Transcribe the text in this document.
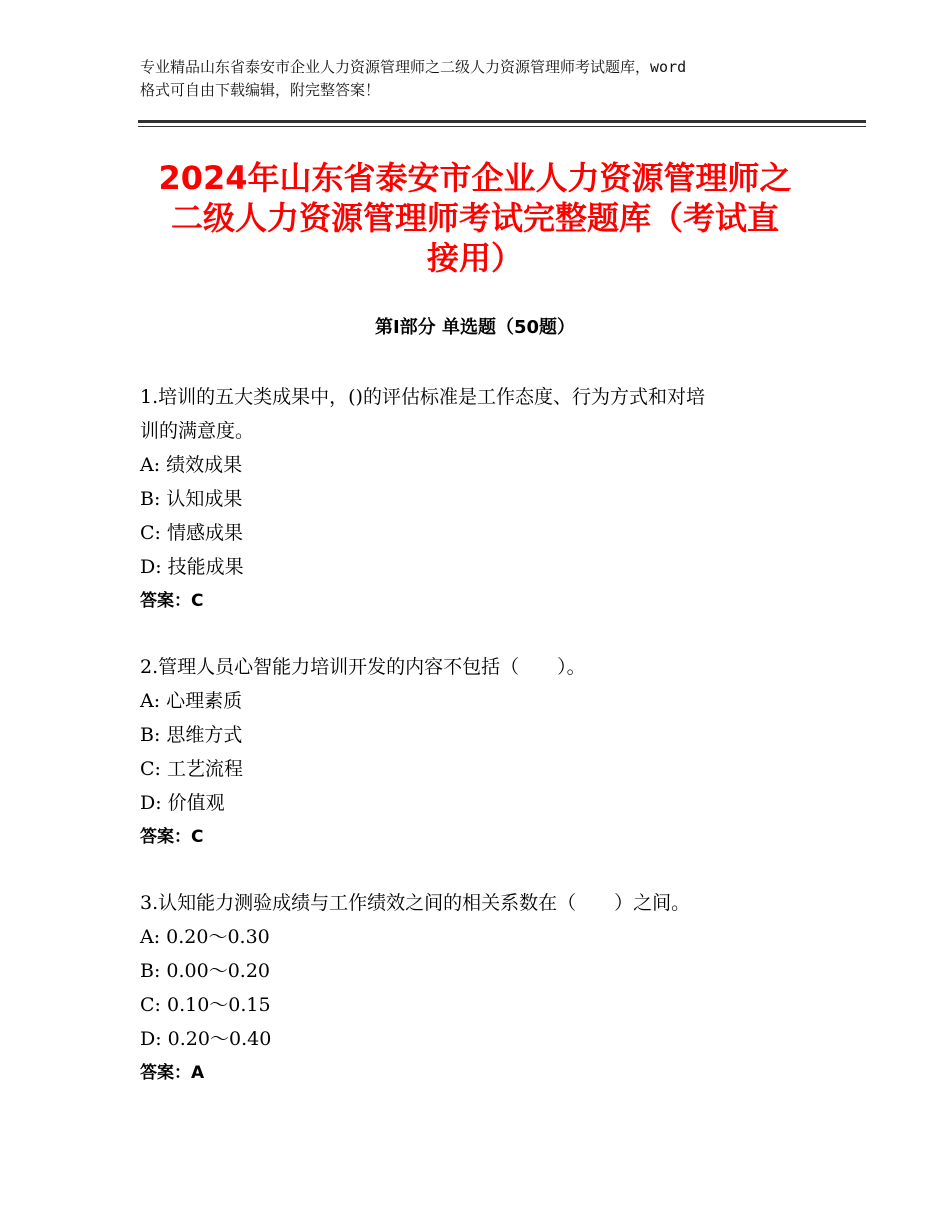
专业精品山东省泰安市企业人力资源管理师之二级人力资源管理师考试题库，word
格式可自由下载编辑，附完整答案！
2024年山东省泰安市企业人力资源管理师之
二级人力资源管理师考试完整题库（考试直
接用）
第Ⅰ部分 单选题（50题）
1.培训的五大类成果中，()的评估标准是工作态度、行为方式和对培
训的满意度。
A: 绩效成果
B: 认知成果
C: 情感成果
D: 技能成果
答案：C
2.管理人员心智能力培训开发的内容不包括（　　）。
A: 心理素质
B: 思维方式
C: 工艺流程
D: 价值观
答案：C
3.认知能力测验成绩与工作绩效之间的相关系数在（　　）之间。
A: 0.20～0.30
B: 0.00～0.20
C: 0.10～0.15
D: 0.20～0.40
答案：A
